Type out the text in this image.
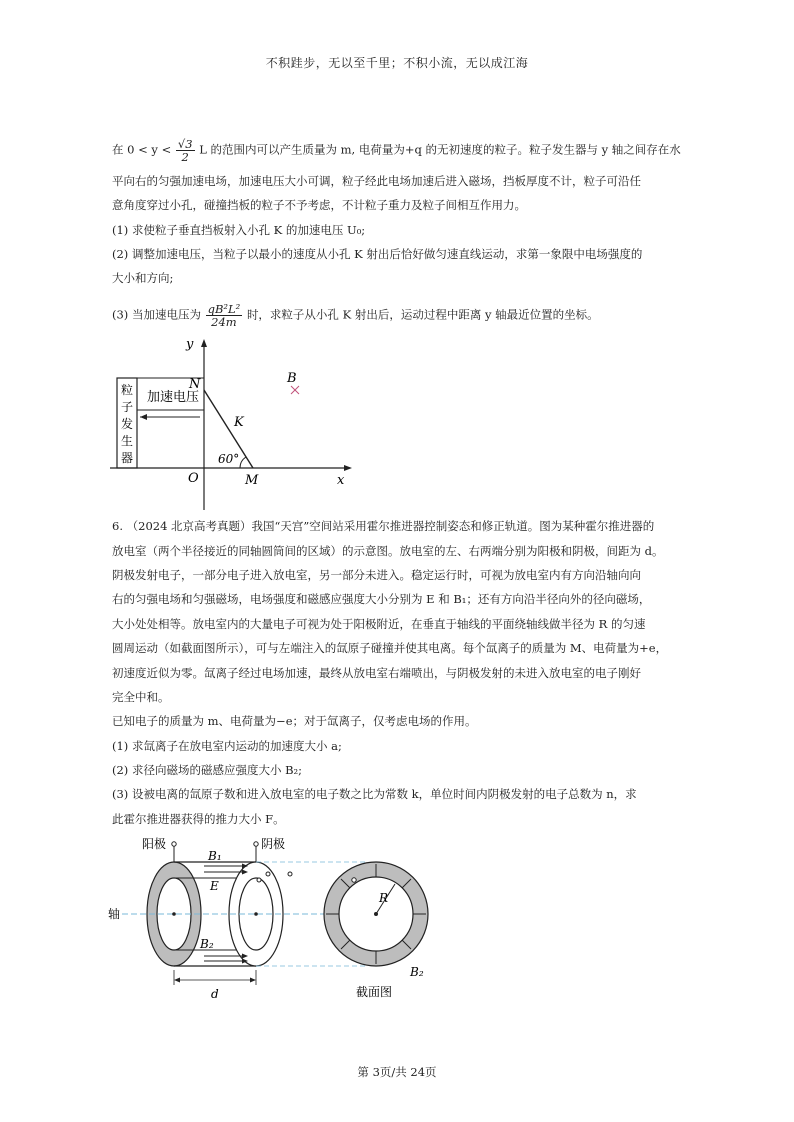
不积跬步，无以至千里；不积小流，无以成江海
在 $0 < y < \frac{√3}{2}$ L 的范围内可以产生质量为 m, 电荷量为+q 的无初速度的粒子。粒子发生器与 y 轴之间存在水
平向右的匀强加速电场，加速电压大小可调，粒子经此电场加速后进入磁场，挡板厚度不计，粒子可沿任
意角度穿过小孔，碰撞挡板的粒子不予考虑，不计粒子重力及粒子间相互作用力。
(1) 求使粒子垂直挡板射入小孔 K 的加速电压 U₀;
(2) 调整加速电压，当粒子以最小的速度从小孔 K 射出后恰好做匀速直线运动，求第一象限中电场强度的
大小和方向;
(3) 当加速电压为 $\frac{\text{qB²L²}}{24m}$ 时，求粒子从小孔 K 射出后，运动过程中距离 y 轴最近位置的坐标。
粒
子
发
生
器
加速电压
y
x
O
N
K
M
60°
B
6. （2024 北京高考真题）我国“天宫”空间站采用霍尔推进器控制姿态和修正轨道。图为某种霍尔推进器的
放电室（两个半径接近的同轴圆筒间的区域）的示意图。放电室的左、右两端分别为阳极和阴极，间距为 d。
阴极发射电子，一部分电子进入放电室，另一部分未进入。稳定运行时，可视为放电室内有方向沿轴向向
右的匀强电场和匀强磁场，电场强度和磁感应强度大小分别为 E 和 B₁；还有方向沿半径向外的径向磁场，
大小处处相等。放电室内的大量电子可视为处于阳极附近，在垂直于轴线的平面绕轴线做半径为 R 的匀速
圆周运动（如截面图所示），可与左端注入的氙原子碰撞并使其电离。每个氙离子的质量为 M、电荷量为+e，
初速度近似为零。氙离子经过电场加速，最终从放电室右端喷出，与阴极发射的未进入放电室的电子刚好
完全中和。
已知电子的质量为 m、电荷量为−e；对于氙离子，仅考虑电场的作用。
(1) 求氙离子在放电室内运动的加速度大小 a;
(2) 求径向磁场的磁感应强度大小 B₂;
(3) 设被电离的氙原子数和进入放电室的电子数之比为常数 k，单位时间内阴极发射的电子总数为 n，求
此霍尔推进器获得的推力大小 F。
阳极	阴极
B₁
E
B₂
轴
d
R
B₂
截面图
第 3页/共 24页
